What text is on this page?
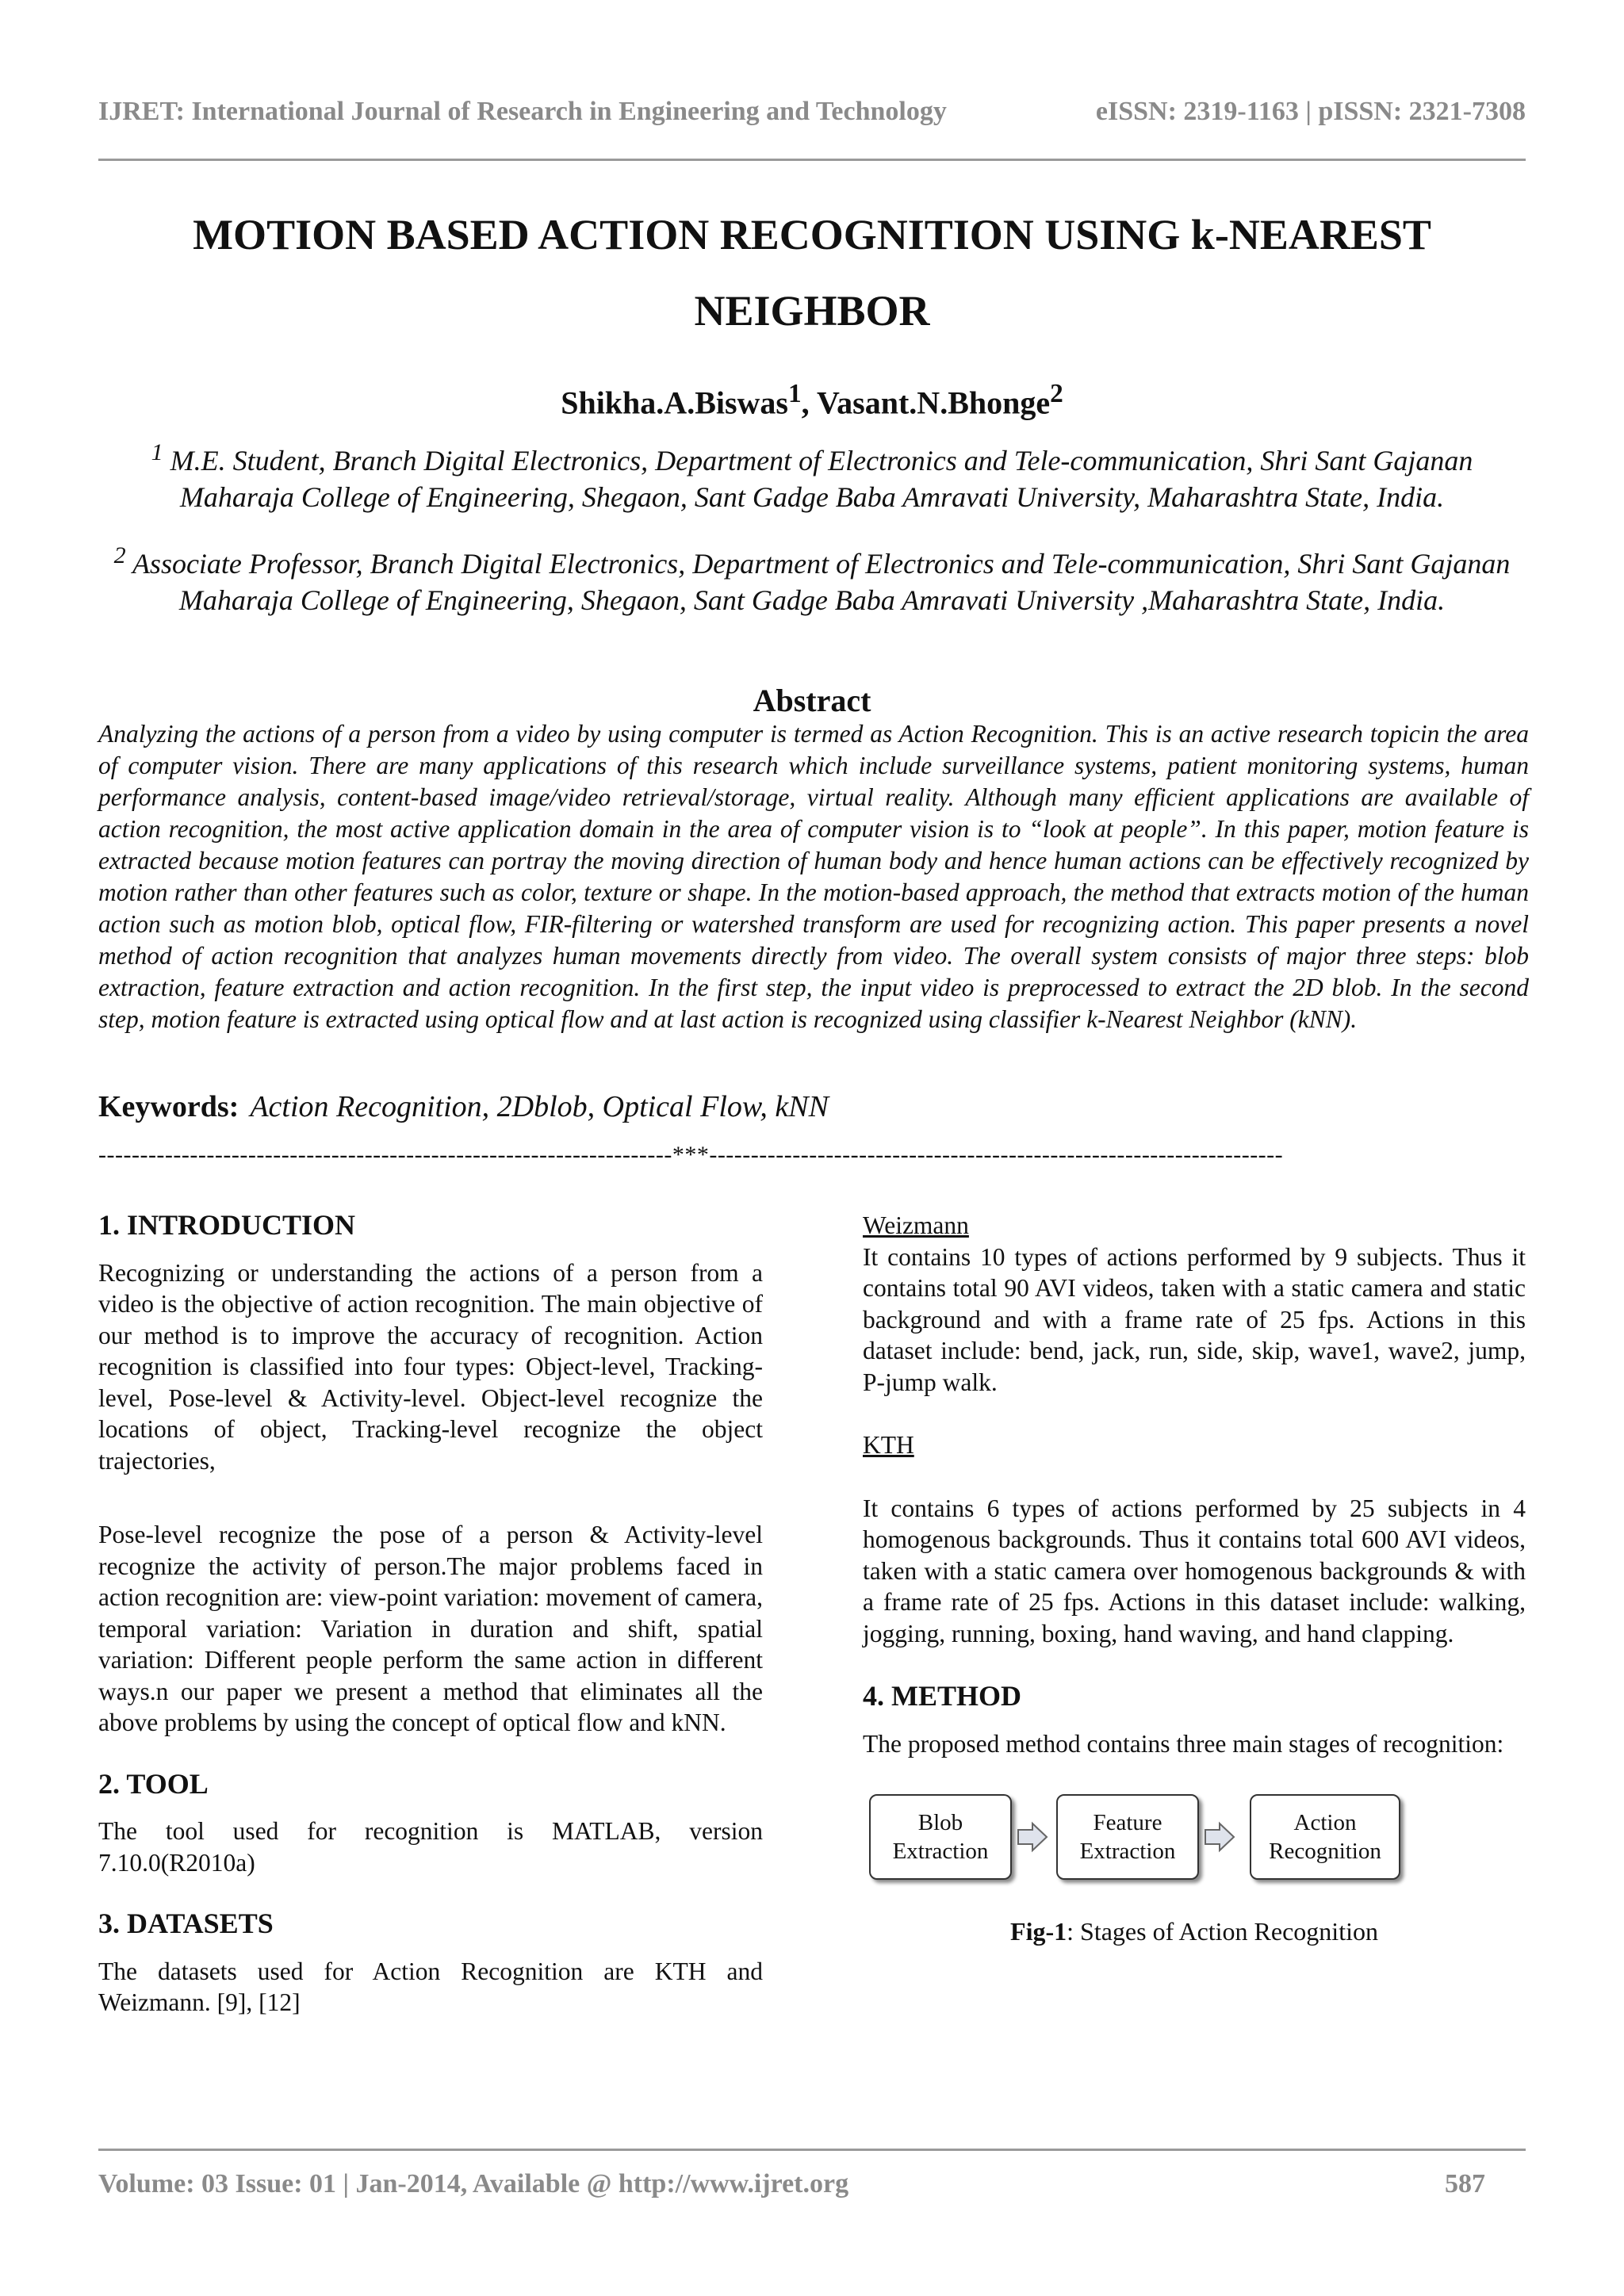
IJRET: International Journal of Research in Engineering and Technology	eISSN: 2319-1163 | pISSN: 2321-7308
MOTION BASED ACTION RECOGNITION USING k-NEAREST
NEIGHBOR
Shikha.A.Biswas$^1$, Vasant.N.Bhonge$^2$
$^1$ M.E. Student, Branch Digital Electronics, Department of Electronics and Tele-communication, Shri Sant Gajanan Maharaja College of Engineering, Shegaon, Sant Gadge Baba Amravati University, Maharashtra State, India.
$^2$ Associate Professor, Branch Digital Electronics, Department of Electronics and Tele-communication, Shri Sant Gajanan Maharaja College of Engineering, Shegaon, Sant Gadge Baba Amravati University ,Maharashtra State, India.
Abstract
Analyzing the actions of a person from a video by using computer is termed as Action Recognition. This is an active research topicin the area of computer vision. There are many applications of this research which include surveillance systems, patient monitoring systems, human performance analysis, content-based image/video retrieval/storage, virtual reality. Although many efficient applications are available of action recognition, the most active application domain in the area of computer vision is to “look at people”. In this paper, motion feature is extracted because motion features can portray the moving direction of human body and hence human actions can be effectively recognized by motion rather than other features such as color, texture or shape. In the motion-based approach, the method that extracts motion of the human action such as motion blob, optical flow, FIR-filtering or watershed transform are used for recognizing action. This paper presents a novel method of action recognition that analyzes human movements directly from video. The overall system consists of major three steps: blob extraction, feature extraction and action recognition. In the first step, the input video is preprocessed to extract the 2D blob. In the second step, motion feature is extracted using optical flow and at last action is recognized using classifier k-Nearest Neighbor (kNN).
Keywords: Action Recognition, 2Dblob, Optical Flow, kNN
---------------------------------------------------------------------***---------------------------------------------------------------------
1. INTRODUCTION

Recognizing or understanding the actions of a person from a video is the objective of action recognition. The main objective of our method is to improve the accuracy of recognition. Action recognition is classified into four types: Object-level, Tracking-level, Pose-level & Activity-level. Object-level recognize the locations of object, Tracking-level recognize the object trajectories,

Pose-level recognize the pose of a person & Activity-level recognize the activity of person.The major problems faced in action recognition are: view-point variation: movement of camera, temporal variation: Variation in duration and shift, spatial variation: Different people perform the same action in different ways.n our paper we present a method that eliminates all the above problems by using the concept of optical flow and kNN.

2. TOOL

The tool used for recognition is MATLAB, version 7.10.0(R2010a)

3. DATASETS

The datasets used for Action Recognition are KTH and Weizmann. [9], [12]

Weizmann

It contains 10 types of actions performed by 9 subjects. Thus it contains total 90 AVI videos, taken with a static camera and static background and with a frame rate of 25 fps. Actions in this dataset include: bend, jack, run, side, skip, wave1, wave2, jump, P-jump walk.

KTH

It contains 6 types of actions performed by 25 subjects in 4 homogenous backgrounds. Thus it contains total 600 AVI videos, taken with a static camera over homogenous backgrounds & with a frame rate of 25 fps. Actions in this dataset include: walking, jogging, running, boxing, hand waving, and hand clapping.

4. METHOD

The proposed method contains three main stages of recognition:

Blob
Extraction
Feature
Extraction
Action
Recognition
Fig-1: Stages of Action Recognition
Volume: 03 Issue: 01 | Jan-2014, Available @ http://www.ijret.org	587
